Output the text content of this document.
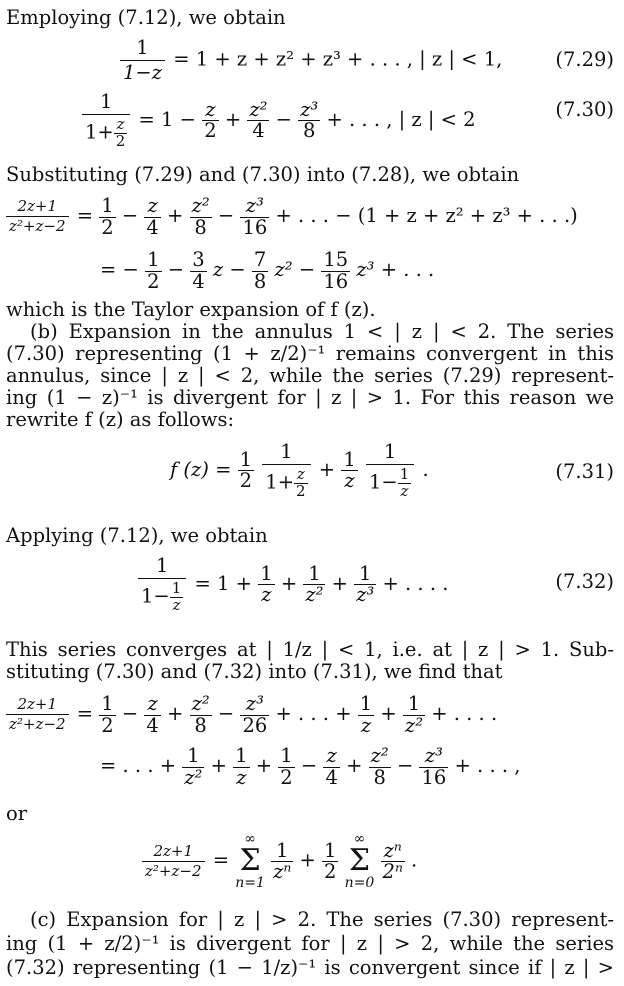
Employing (7.12), we obtain
$\frac{1}{1-z} = 1 + z + z^2 + z^3$ + . . . , | z | < 1,	(7.29)
$\frac{1}{1+ \frac{z}{2}} = 1 - \frac{z}{2} + \frac{\text{z²}}{4} - \frac{\text{z³}}{8}$ + . . . , | z | < 2	(7.30)
Substituting (7.29) and (7.30) into (7.28), we obtain
$\frac{2z+1}{\text{z²+z−2}} = \frac{1}{2} - \frac{z}{4} + \frac{\text{z²}}{8} - \frac{\text{z³}}{16}$ + . . . − (1 + z + z² + z³ + . . .)
= − $\frac{1}{2} - \frac{3}{4}$ $z - \frac{7}{8} z^2 - \frac{15}{16} z^3$ + . . .
which is the Taylor expansion of f (z).
(b) Expansion in the annulus 1 < | z | < 2. The series
(7.30) representing (1 + z/2)⁻¹ remains convergent in this
annulus, since | z | < 2, while the series (7.29) represent-
ing (1 − z)⁻¹ is divergent for | z | > 1. For this reason we
rewrite f (z) as follows:
f $(z) = \frac{1}{2}$
$\frac{1}{1+ \frac{z}{2}} + \frac{1}{z}$
$\frac{1}{1- \frac{1}{z}}$ .	(7.31)
Applying (7.12), we obtain
$\frac{1}{1- \frac{1}{z}} = 1 + \frac{1}{z} + \frac{1}{\text{z²}} + \frac{1}{\text{z³}}$ + . . . .	(7.32)
This series converges at | 1/z | < 1, i.e. at | z | > 1. Sub-
stituting (7.30) and (7.32) into (7.31), we find that
$\frac{2z+1}{\text{z²+z−2}} = \frac{1}{2} - \frac{z}{4} + \frac{\text{z²}}{8} - \frac{\text{z³}}{26}$ + . . . + $\frac{1}{z} + \frac{1}{\text{z²}}$ + . . . .
= . . . + $\frac{1}{\text{z²}} + \frac{1}{z} + \frac{1}{2} - \frac{z}{4} + \frac{\text{z²}}{8} - \frac{\text{z³}}{16}$ + . . . ,
or
$\frac{2z+1}{\text{z²+z−2}}$ = ∞
Σ
n=1
$\frac{1}{\text{zⁿ}} + \frac{1}{2}$
∞
Σ
n=0
$\frac{\text{zⁿ}}{\text{2ⁿ}}$ .
(c) Expansion for | z | > 2. The series (7.30) represent-
ing (1 + z/2)⁻¹ is divergent for | z | > 2, while the series
(7.32) representing (1 − 1/z)⁻¹ is convergent since if | z | >
